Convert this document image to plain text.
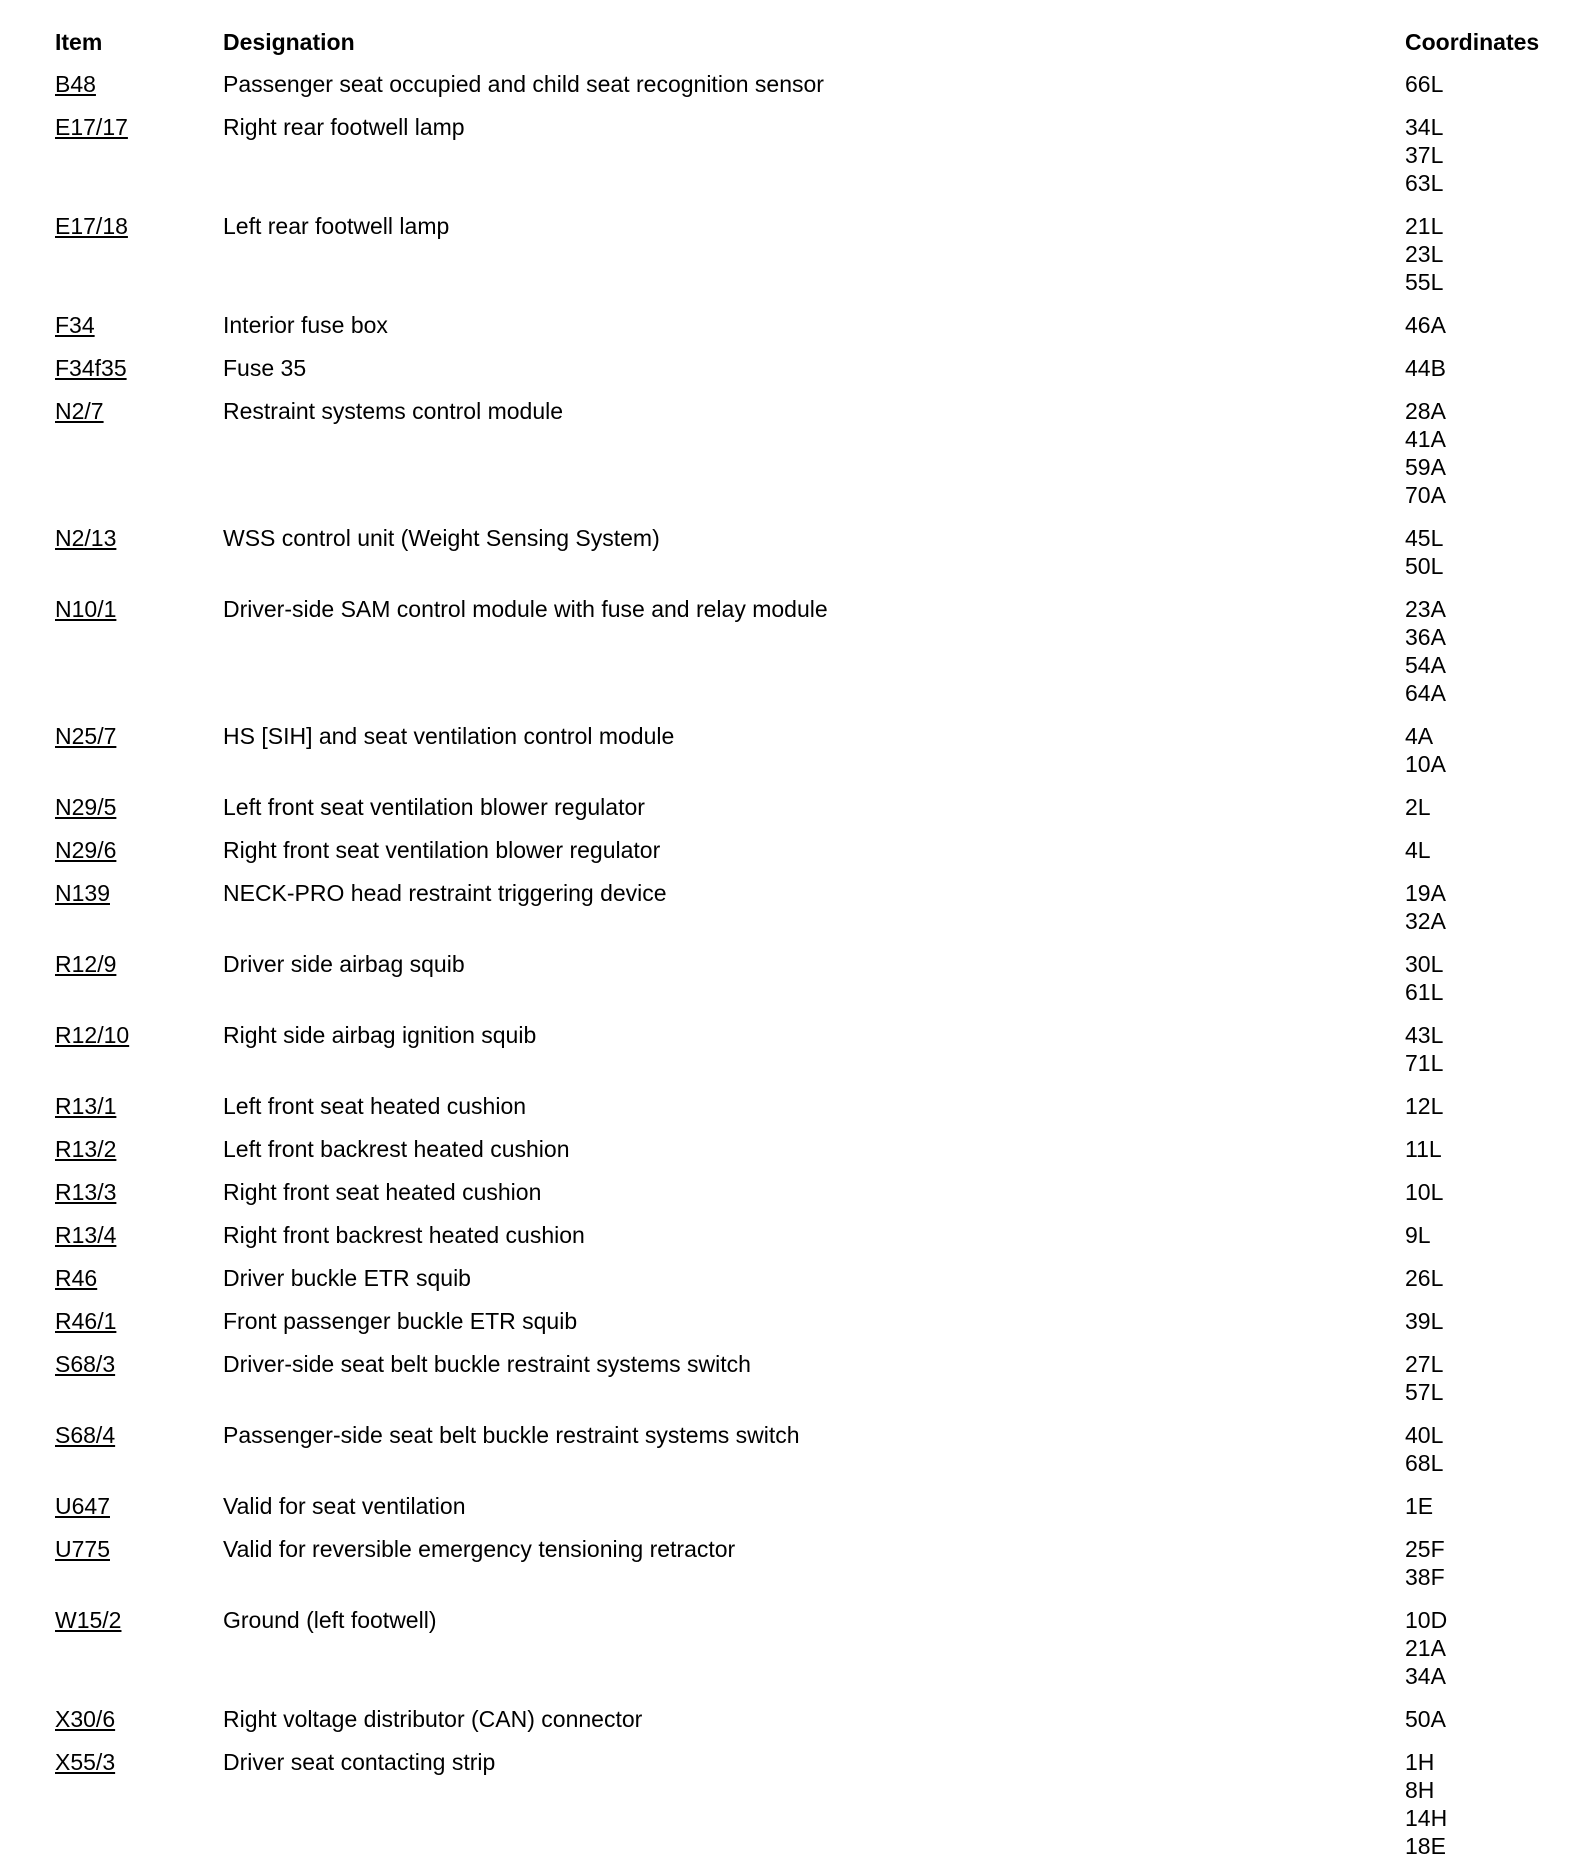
Item	Designation	Coordinates
B48	Passenger seat occupied and child seat recognition sensor	66L
E17/17	Right rear footwell lamp	34L
37L
63L
E17/18	Left rear footwell lamp	21L
23L
55L
F34	Interior fuse box	46A
F34f35	Fuse 35	44B
N2/7	Restraint systems control module	28A
41A
59A
70A
N2/13	WSS control unit (Weight Sensing System)	45L
50L
N10/1	Driver-side SAM control module with fuse and relay module	23A
36A
54A
64A
N25/7	HS [SIH] and seat ventilation control module	4A
10A
N29/5	Left front seat ventilation blower regulator	2L
N29/6	Right front seat ventilation blower regulator	4L
N139	NECK-PRO head restraint triggering device	19A
32A
R12/9	Driver side airbag squib	30L
61L
R12/10	Right side airbag ignition squib	43L
71L
R13/1	Left front seat heated cushion	12L
R13/2	Left front backrest heated cushion	11L
R13/3	Right front seat heated cushion	10L
R13/4	Right front backrest heated cushion	9L
R46	Driver buckle ETR squib	26L
R46/1	Front passenger buckle ETR squib	39L
S68/3	Driver-side seat belt buckle restraint systems switch	27L
57L
S68/4	Passenger-side seat belt buckle restraint systems switch	40L
68L
U647	Valid for seat ventilation	1E
U775	Valid for reversible emergency tensioning retractor	25F
38F
W15/2	Ground (left footwell)	10D
21A
34A
X30/6	Right voltage distributor (CAN) connector	50A
X55/3	Driver seat contacting strip	1H
8H
14H
18E
